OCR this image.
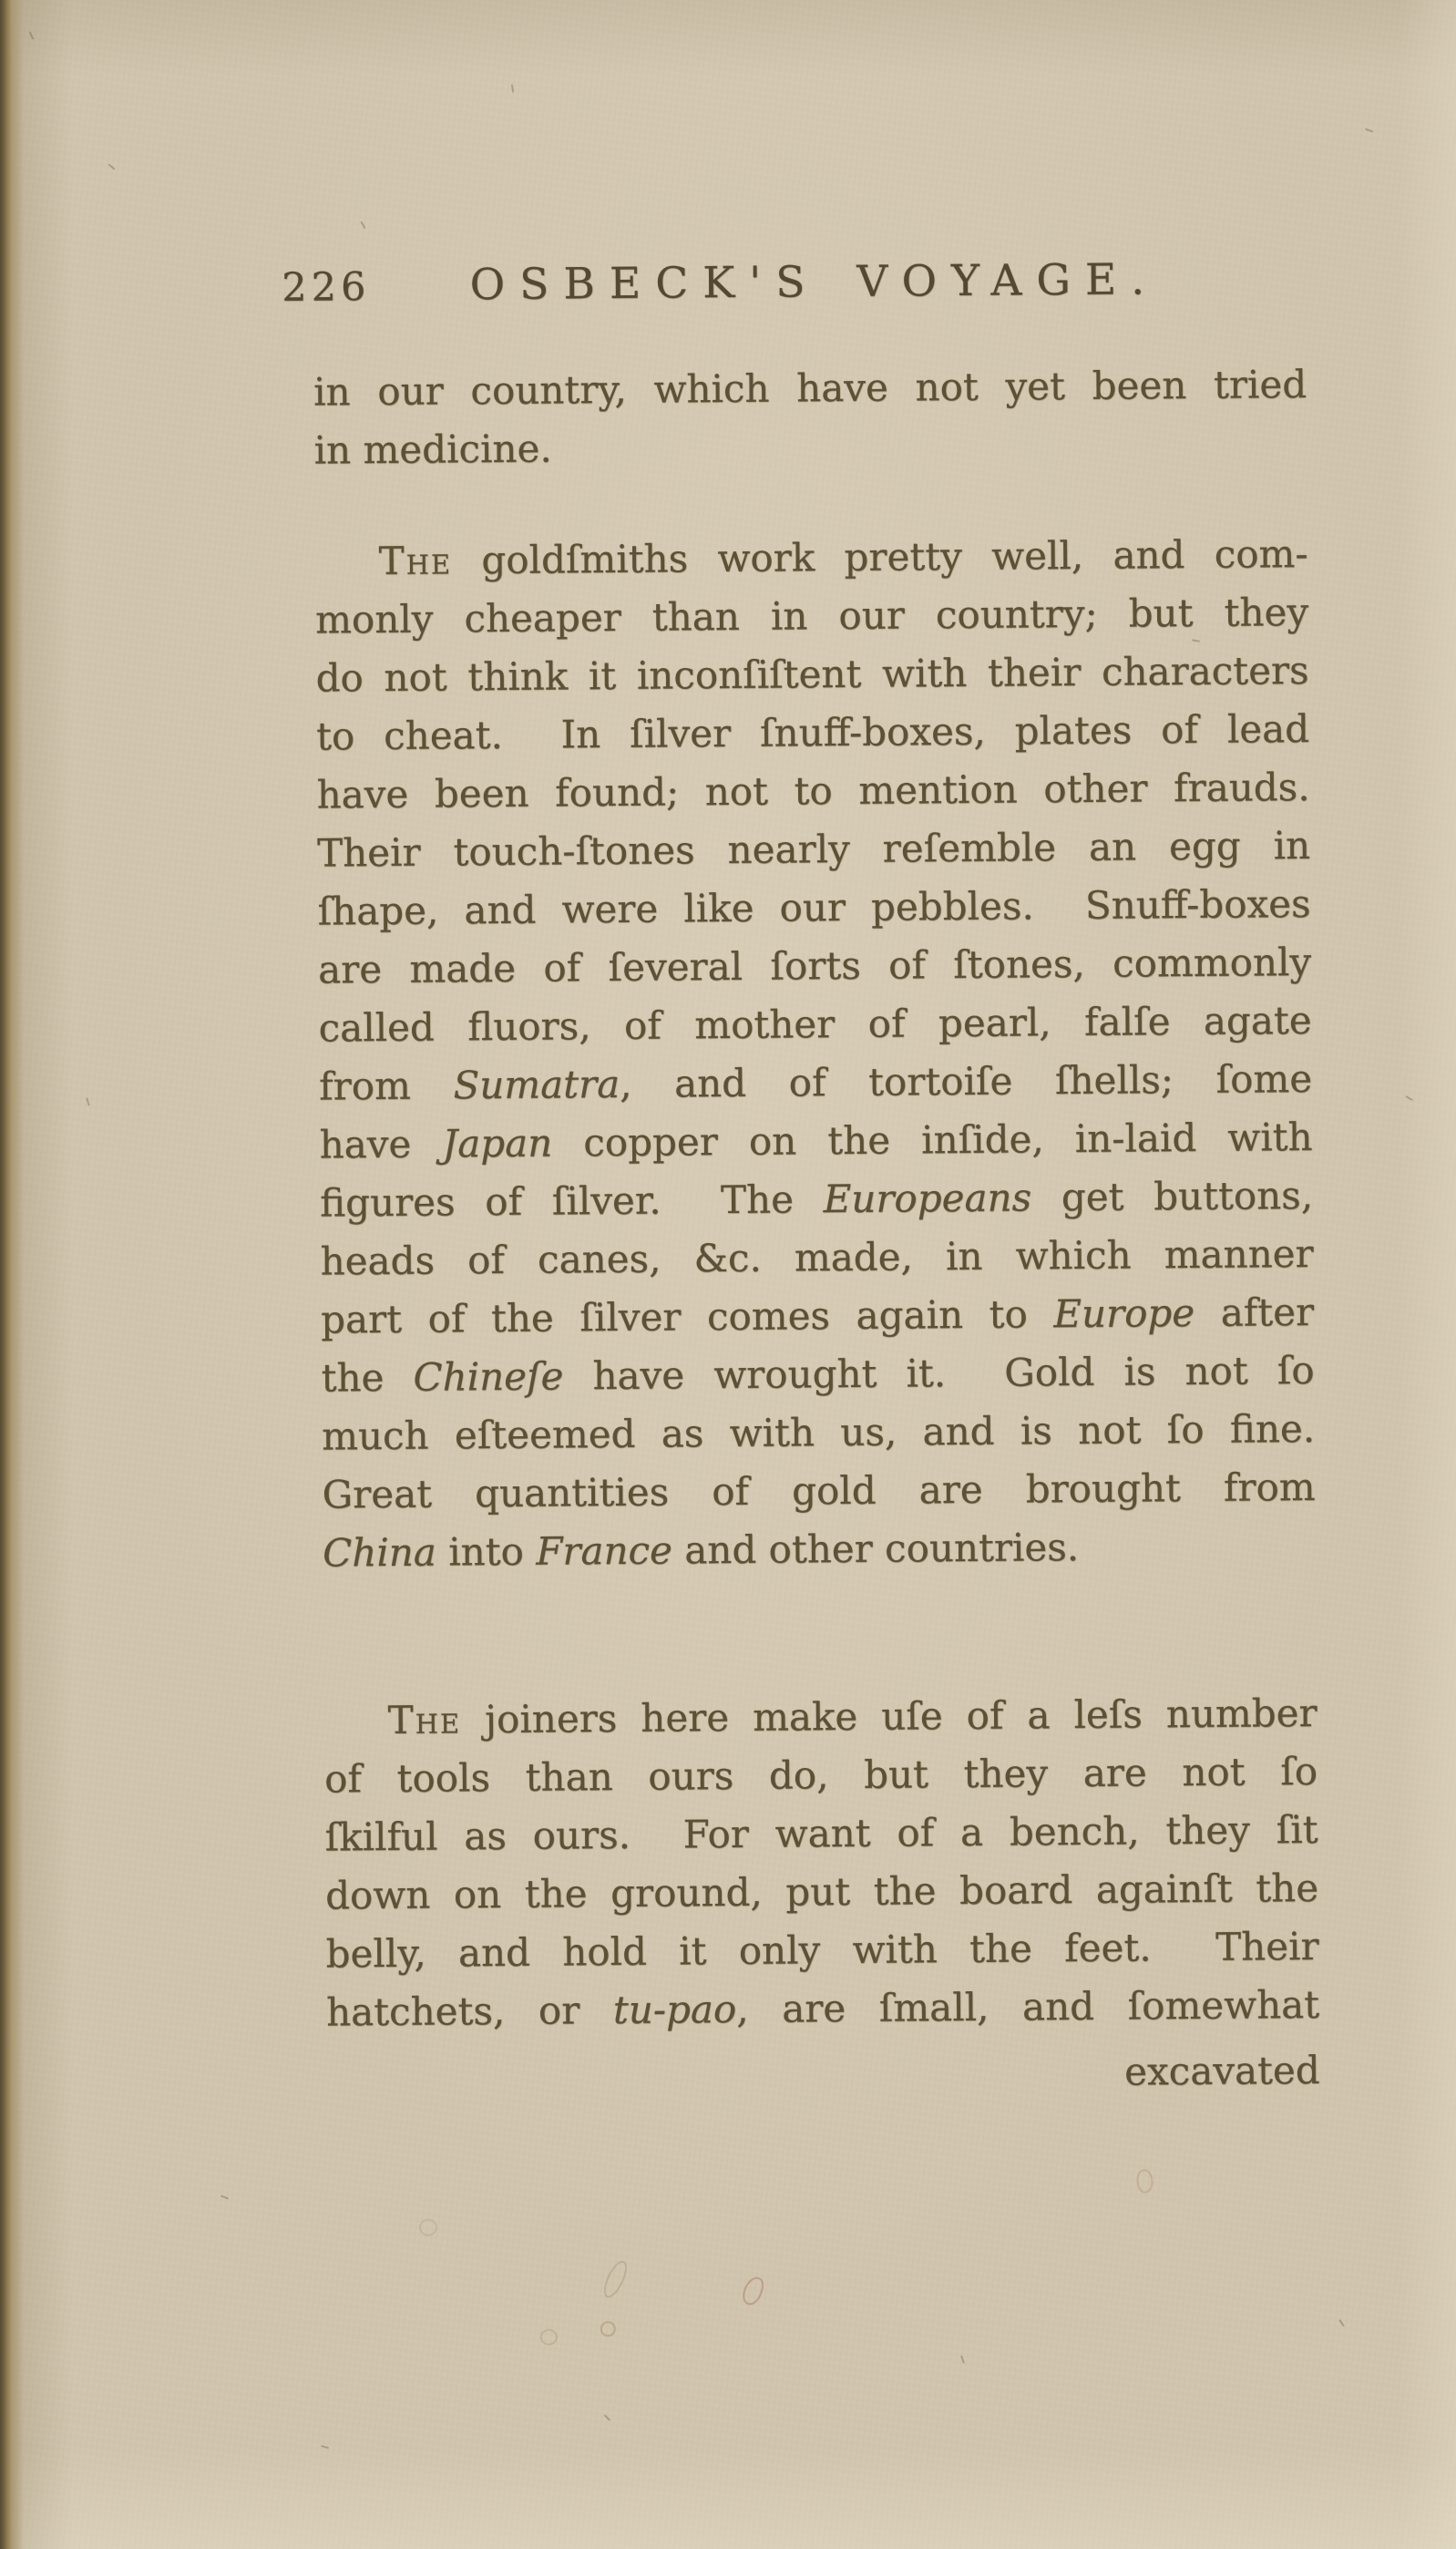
226 OSBECK'S VOYAGE.
in our country, which have not yet been tried
in medicine.
The goldſmiths work pretty well, and com-
monly cheaper than in our country; but they
do not think it inconſiſtent with their characters
to cheat.  In ſilver ſnuff-boxes, plates of lead
have been found; not to mention other frauds.
Their touch-ſtones nearly reſemble an egg in
ſhape, and were like our pebbles.  Snuff-boxes
are made of ſeveral ſorts of ſtones, commonly
called fluors, of mother of pearl, falſe agate
from Sumatra, and of tortoiſe ſhells; ſome
have Japan copper on the inſide, in-laid with
figures of ſilver.  The Europeans get buttons,
heads of canes, &c. made, in which manner
part of the ſilver comes again to Europe after
the Chineſe have wrought it.  Gold is not ſo
much eſteemed as with us, and is not ſo fine.
Great quantities of gold are brought from
China into France and other countries.
The joiners here make uſe of a leſs number
of tools than ours do, but they are not ſo
ſkilful as ours.  For want of a bench, they ſit
down on the ground, put the board againſt the
belly, and hold it only with the feet.  Their
hatchets, or tu-pao, are ſmall, and ſomewhat
excavated
